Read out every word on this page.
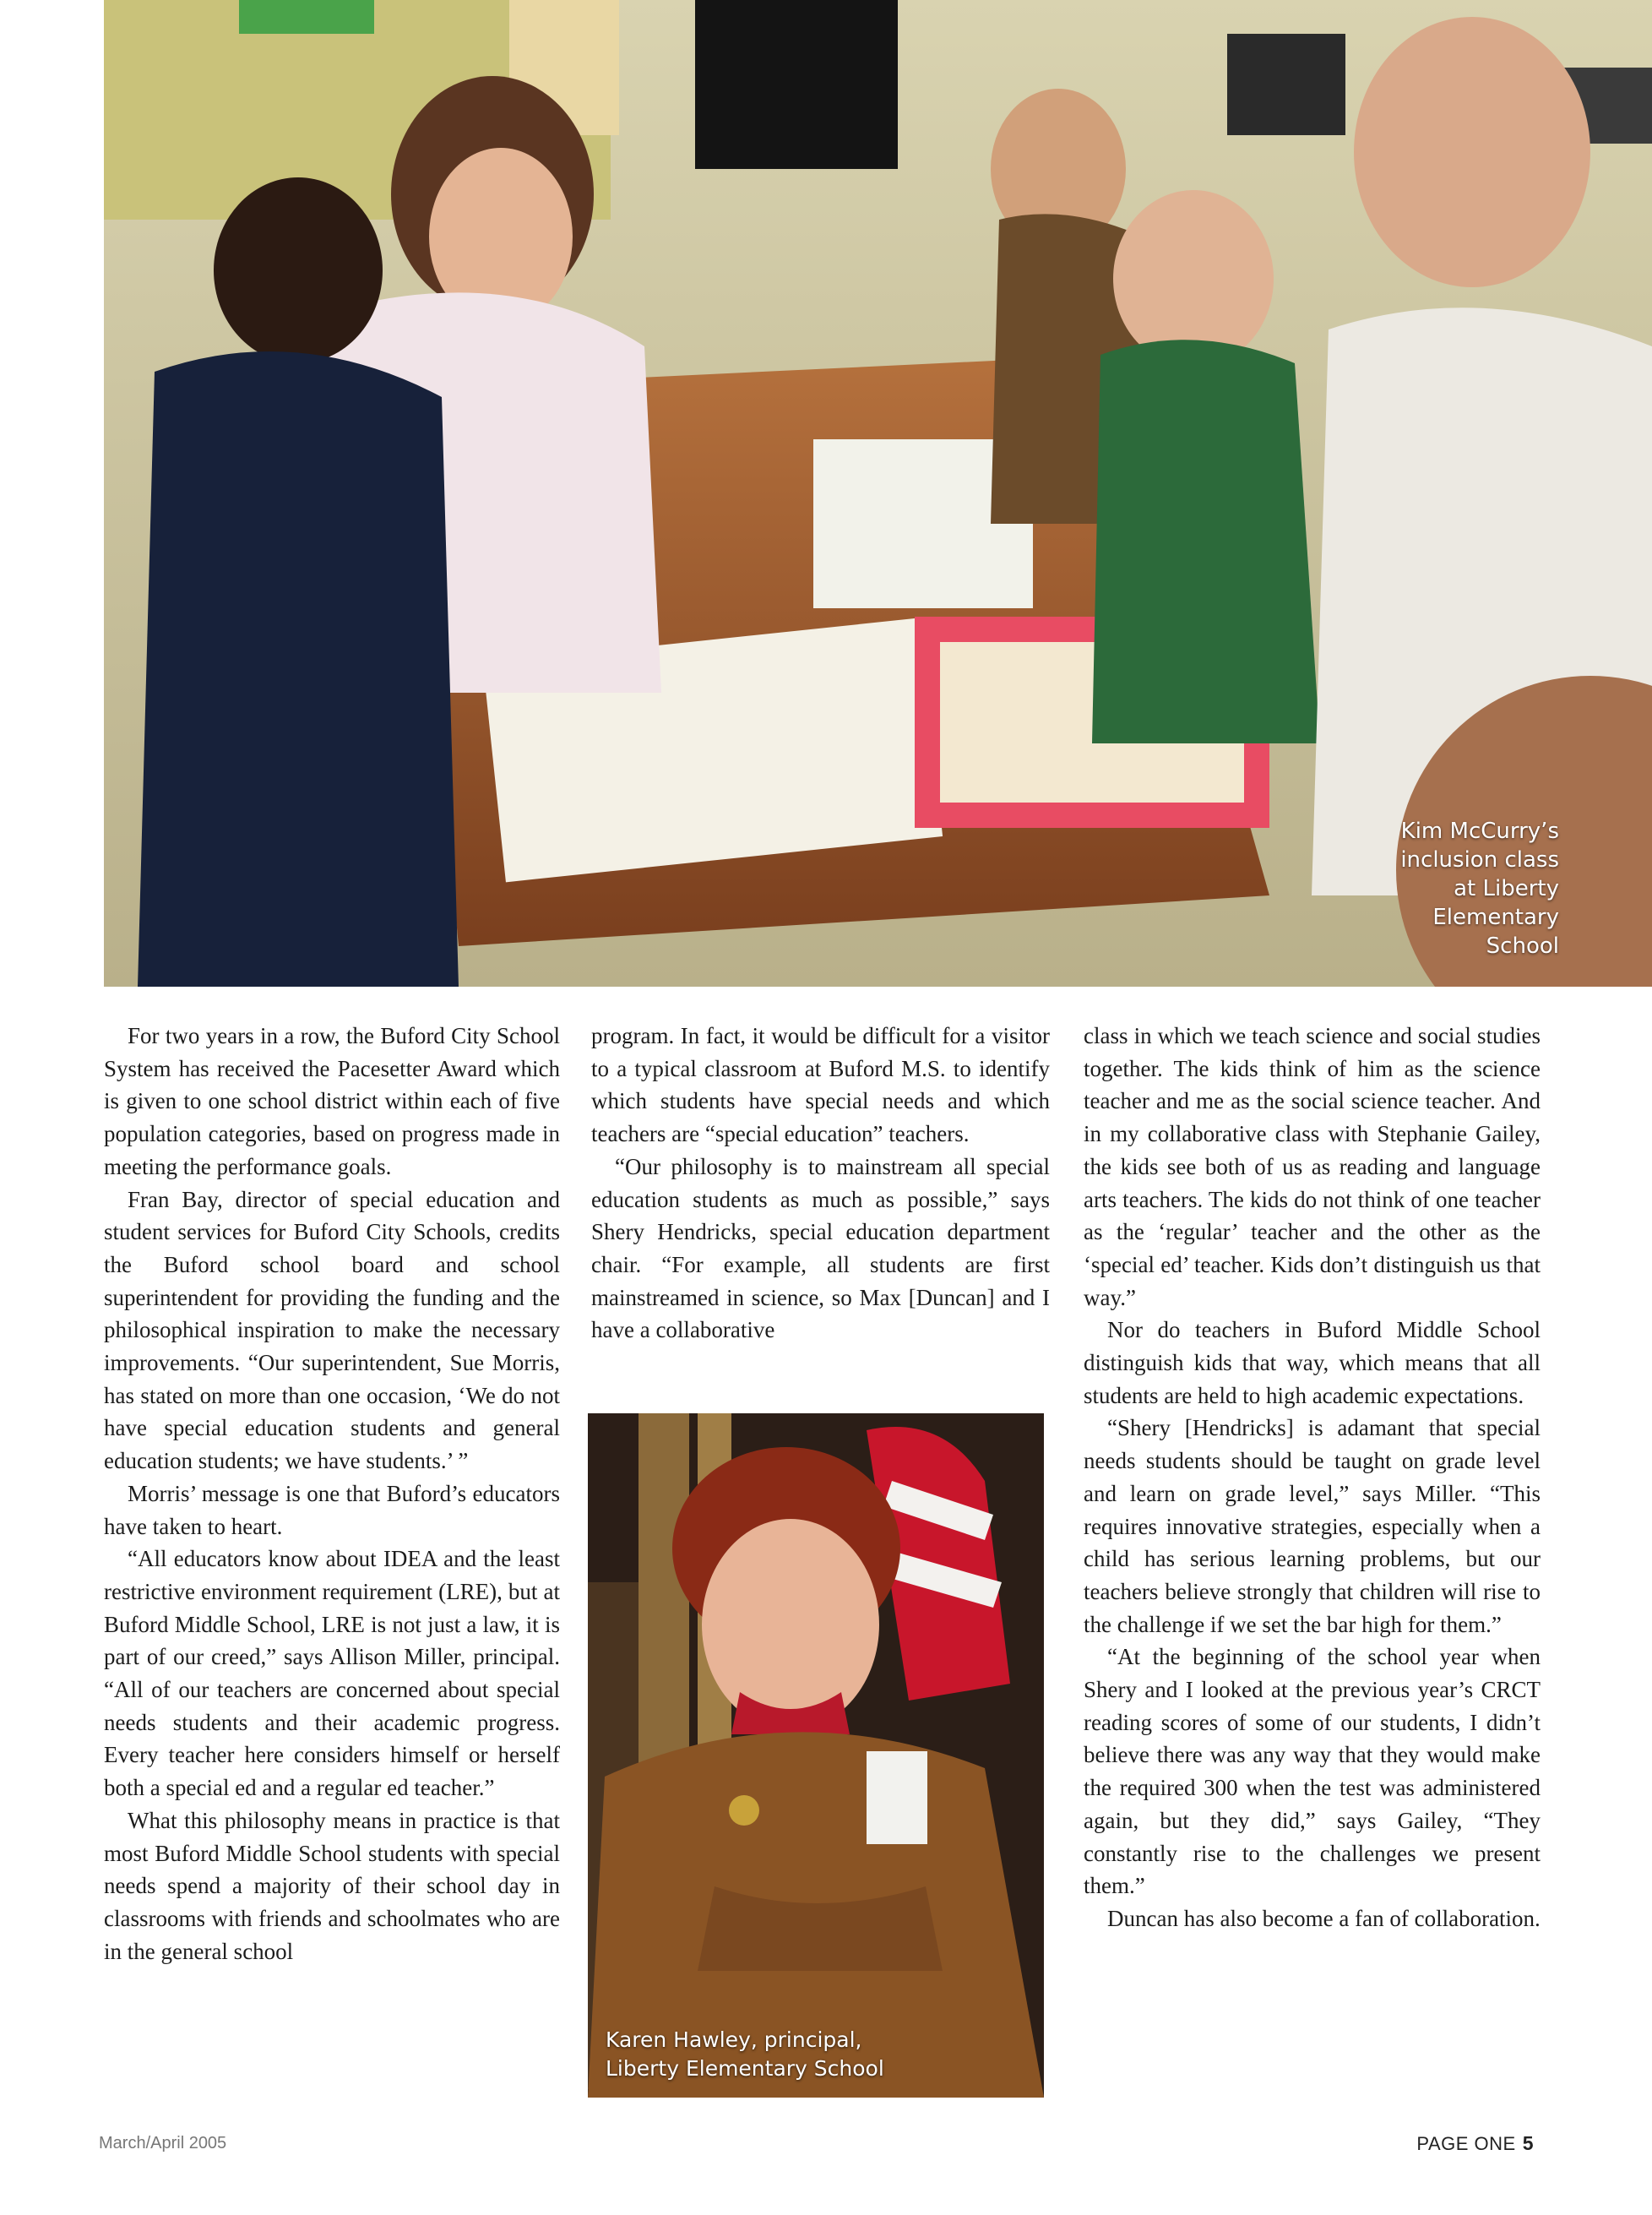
Kim McCurry’s
inclusion class
at Liberty
Elementary
School

For two years in a row, the Buford City School System has received the Pacesetter Award which is given to one school district within each of five population categories, based on progress made in meeting the performance goals.

Fran Bay, director of special education and student services for Buford City Schools, credits the Buford school board and school superintendent for providing the funding and the philosophical inspiration to make the necessary improvements. “Our superintendent, Sue Morris, has stated on more than one occasion, ‘We do not have special education students and general education students; we have students.’ ”

Morris’ message is one that Buford’s educators have taken to heart.

“All educators know about IDEA and the least restrictive environment requirement (LRE), but at Buford Middle School, LRE is not just a law, it is part of our creed,” says Allison Miller, principal. “All of our teachers are concerned about special needs students and their academic progress. Every teacher here considers himself or herself both a special ed and a regular ed teacher.”

What this philosophy means in practice is that most Buford Middle School students with special needs spend a majority of their school day in classrooms with friends and schoolmates who are in the general school

program. In fact, it would be difficult for a visitor to a typical classroom at Buford M.S. to identify which students have special needs and which teachers are “special education” teachers.

“Our philosophy is to mainstream all special education students as much as possible,” says Shery Hendricks, special education department chair. “For example, all students are first mainstreamed in science, so Max [Duncan] and I have a collaborative

Karen Hawley, principal,
Liberty Elementary School

class in which we teach science and social studies together. The kids think of him as the science teacher and me as the social science teacher. And in my collaborative class with Stephanie Gailey, the kids see both of us as reading and language arts teachers. The kids do not think of one teacher as the ‘regular’ teacher and the other as the ‘special ed’ teacher. Kids don’t distinguish us that way.”

Nor do teachers in Buford Middle School distinguish kids that way, which means that all students are held to high academic expectations.

“Shery [Hendricks] is adamant that special needs students should be taught on grade level and learn on grade level,” says Miller. “This requires innovative strategies, especially when a child has serious learning problems, but our teachers believe strongly that children will rise to the challenge if we set the bar high for them.”

“At the beginning of the school year when Shery and I looked at the previous year’s CRCT reading scores of some of our students, I didn’t believe there was any way that they would make the required 300 when the test was administered again, but they did,” says Gailey, “They constantly rise to the challenges we present them.”

Duncan has also become a fan of collaboration.

March/April 2005	PAGE ONE 5
